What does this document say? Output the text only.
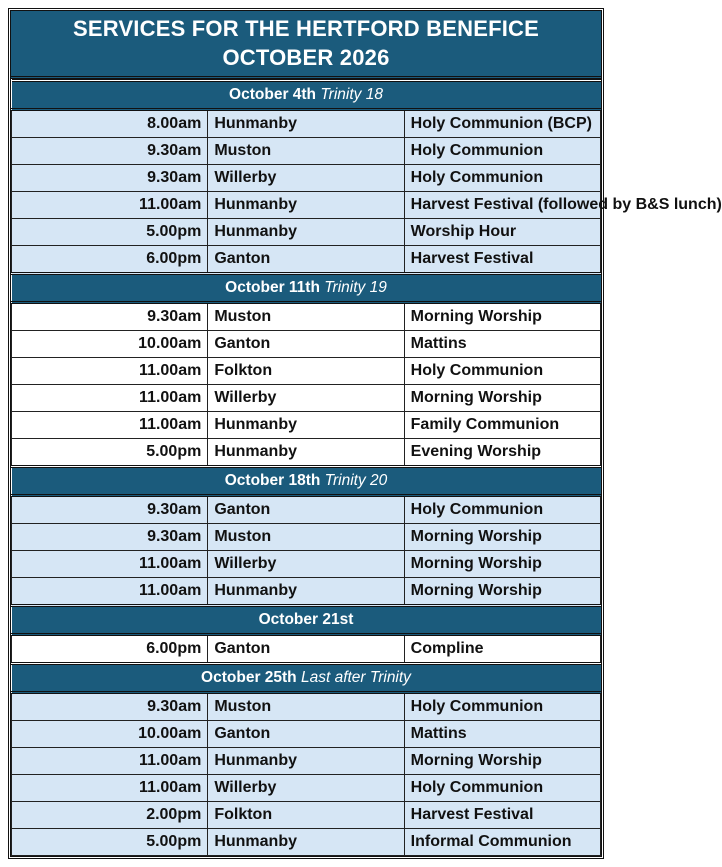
SERVICES FOR THE HERTFORD BENEFICE
OCTOBER 2026
October 4th Trinity 18		
8.00am	Hunmanby	Holy Communion (BCP)
9.30am	Muston	Holy Communion
9.30am	Willerby	Holy Communion
11.00am	Hunmanby	Harvest Festival (followed by B&S lunch)
5.00pm	Hunmanby	Worship Hour
6.00pm	Ganton	Harvest Festival
October 11th Trinity 19		
9.30am	Muston	Morning Worship
10.00am	Ganton	Mattins
11.00am	Folkton	Holy Communion
11.00am	Willerby	Morning Worship
11.00am	Hunmanby	Family Communion
5.00pm	Hunmanby	Evening Worship
October 18th Trinity 20		
9.30am	Ganton	Holy Communion
9.30am	Muston	Morning Worship
11.00am	Willerby	Morning Worship
11.00am	Hunmanby	Morning Worship
October 21st		
6.00pm	Ganton	Compline
October 25th Last after Trinity		
9.30am	Muston	Holy Communion
10.00am	Ganton	Mattins
11.00am	Hunmanby	Morning Worship
11.00am	Willerby	Holy Communion
2.00pm	Folkton	Harvest Festival
5.00pm	Hunmanby	Informal Communion
